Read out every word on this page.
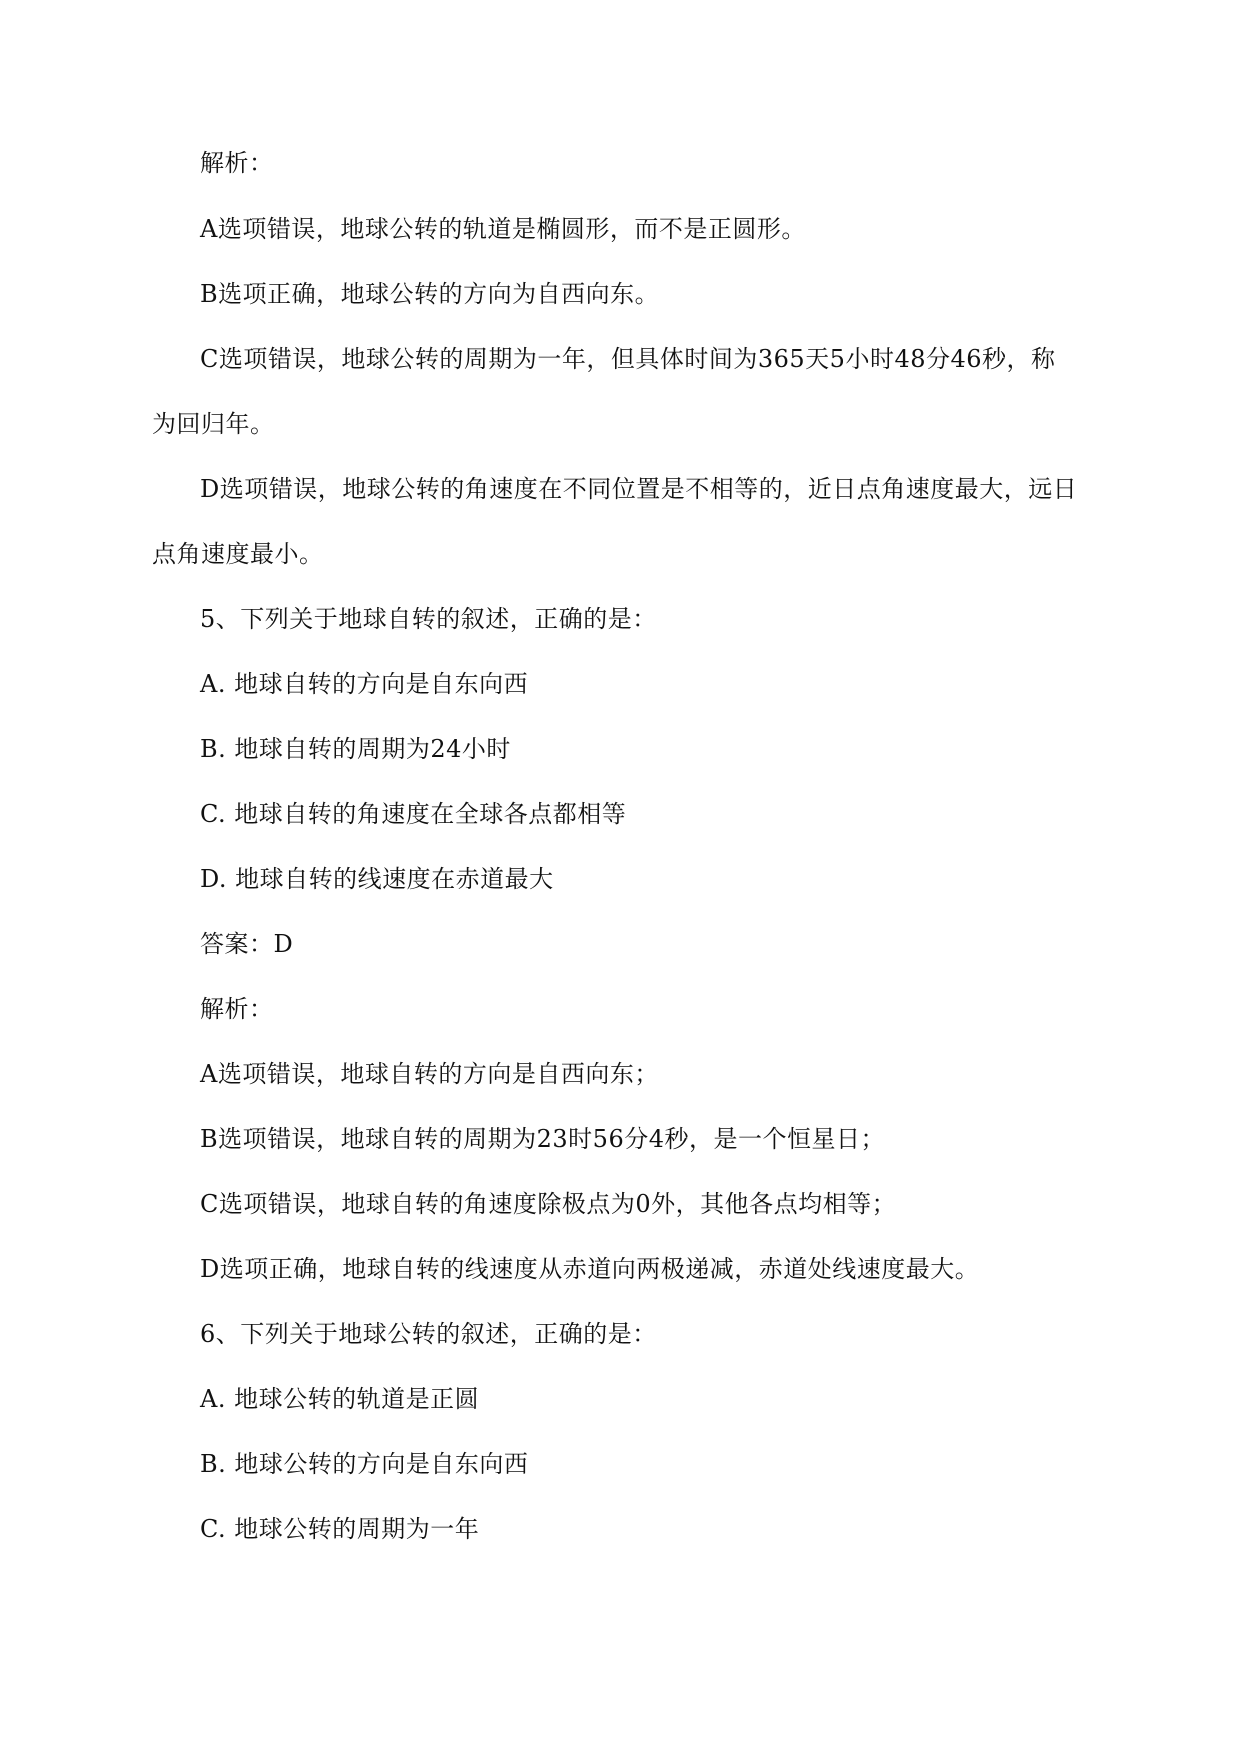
解析：
A选项错误，地球公转的轨道是椭圆形，而不是正圆形。
B选项正确，地球公转的方向为自西向东。
C选项错误，地球公转的周期为一年，但具体时间为365天5小时48分46秒，称
为回归年。
D选项错误，地球公转的角速度在不同位置是不相等的，近日点角速度最大，远日
点角速度最小。
5、下列关于地球自转的叙述，正确的是：
A. 地球自转的方向是自东向西
B. 地球自转的周期为24小时
C. 地球自转的角速度在全球各点都相等
D. 地球自转的线速度在赤道最大
答案：D
解析：
A选项错误，地球自转的方向是自西向东；
B选项错误，地球自转的周期为23时56分4秒，是一个恒星日；
C选项错误，地球自转的角速度除极点为0外，其他各点均相等；
D选项正确，地球自转的线速度从赤道向两极递减，赤道处线速度最大。
6、下列关于地球公转的叙述，正确的是：
A. 地球公转的轨道是正圆
B. 地球公转的方向是自东向西
C. 地球公转的周期为一年
